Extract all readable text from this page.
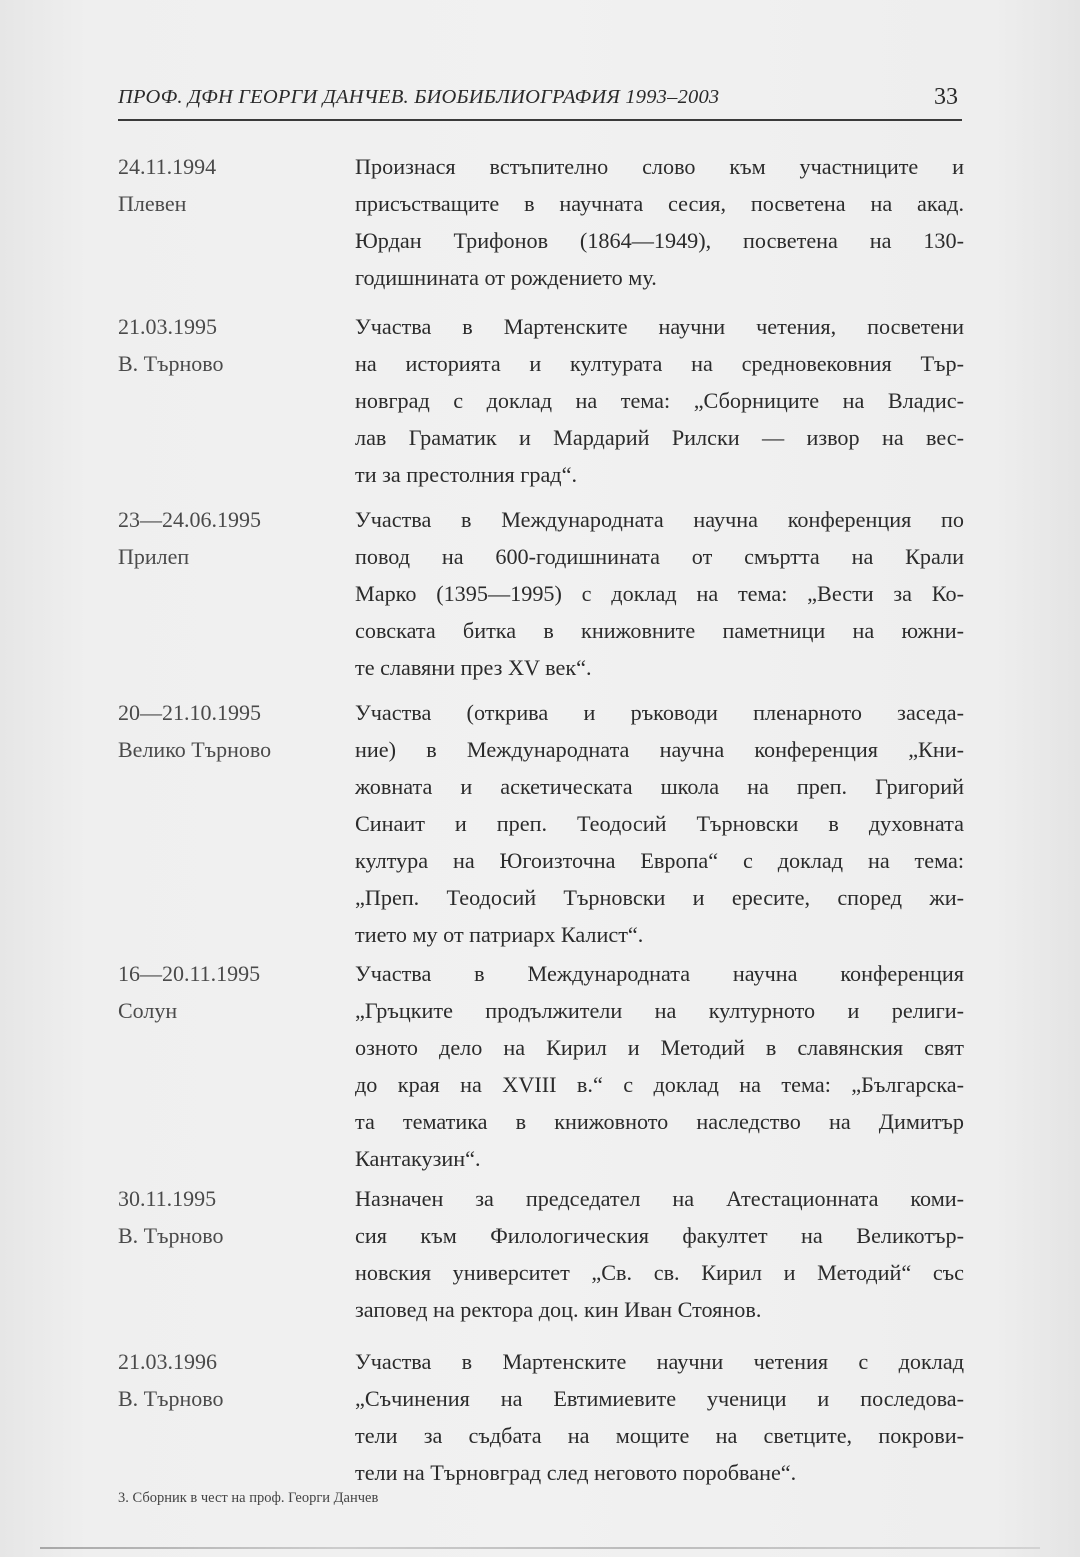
ПРОФ. ДФН ГЕОРГИ ДАНЧЕВ. БИОБИБЛИОГРАФИЯ 1993–2003	33
24.11.1994
Плевен
Произнася встъпително слово към участниците и
присъстващите в научната сесия, посветена на акад.
Юрдан Трифонов (1864—1949), посветена на 130-
годишнината от рождението му.
21.03.1995
В. Търново
Участва в Мартенските научни четения, посветени
на историята и културата на средновековния Тър-
новград с доклад на тема: „Сборниците на Владис-
лав Граматик и Мардарий Рилски — извор на вес-
ти за престолния град“.
23—24.06.1995
Прилеп
Участва в Международната научна конференция по
повод на 600-годишнината от смъртта на Крали
Марко (1395—1995) с доклад на тема: „Вести за Ко-
совската битка в книжовните паметници на южни-
те славяни през XV век“.
20—21.10.1995
Велико Търново
Участва (открива и ръководи пленарното заседа-
ние) в Международната научна конференция „Кни-
жовната и аскетическата школа на преп. Григорий
Синаит и преп. Теодосий Търновски в духовната
култура на Югоизточна Европа“ с доклад на тема:
„Преп. Теодосий Търновски и ересите, според жи-
тието му от патриарх Калист“.
16—20.11.1995
Солун
Участва в Международната научна конференция
„Гръцките продължители на културното и религи-
озното дело на Кирил и Методий в славянския свят
до края на XVIII в.“ с доклад на тема: „Българска-
та тематика в книжовното наследство на Димитър
Кантакузин“.
30.11.1995
В. Търново
Назначен за председател на Атестационната коми-
сия към Филологическия факултет на Великотър-
новския университет „Св. св. Кирил и Методий“ със
заповед на ректора доц. кин Иван Стоянов.
21.03.1996
В. Търново
Участва в Мартенските научни четения с доклад
„Съчинения на Евтимиевите ученици и последова-
тели за съдбата на мощите на светците, покрови-
тели на Търновград след неговото поробване“.
3. Сборник в чест на проф. Георги Данчев
